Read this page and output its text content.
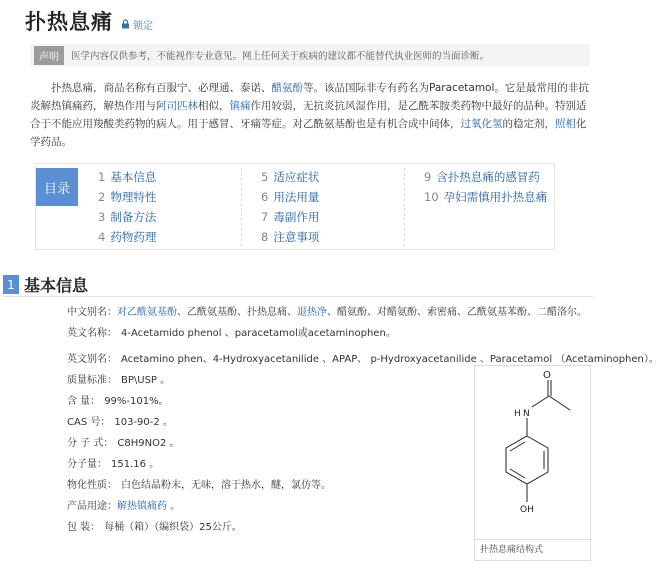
扑热息痛 锁定
声明	医学内容仅供参考，不能视作专业意见。网上任何关于疾病的建议都不能替代执业医师的当面诊断。

扑热息痛，商品名称有百服宁、必理通、泰诺、醋氨酚等。该品国际非专有药名为Paracetamol。它是最常用的非抗炎解热镇痛药，解热作用与阿司匹林相似，镇痛作用较弱，无抗炎抗风湿作用，是乙酰苯胺类药物中最好的品种。特别适合于不能应用羧酸类药物的病人。用于感冒、牙痛等症。对乙酰氨基酚也是有机合成中间体，过氧化氢的稳定剂，照相化学药品。

目录
1 基本信息
2 物理特性
3 制备方法
4 药物药理
5 适应症状
6 用法用量
7 毒副作用
8 注意事项
9 含扑热息痛的感冒药
10 孕妇需慎用扑热息痛
1 基本信息
中文别名：对乙酰氨基酚、乙酰氨基酚、扑热息痛、退热净、醋氨酚、对醋氨酚、索密痛、乙酰氨基苯酚、二醋洛尔。
英文名称： 4-Acetamido phenol 、paracetamol或acetaminophen。
英文别名： Acetamino phen、4-Hydroxyacetanilide 、APAP、 p-Hydroxyacetanilide 、Paracetamol （Acetaminophen）。
质量标准： BP\USP 。
含 量： 99%-101%。
CAS 号： 103-90-2 。
分 子 式： C8H9NO2 。
分子量： 151.16 。
物化性质： 白色结晶粉末，无味，溶于热水，醚，氯仿等。
产品用途：解热镇痛药 。
包 装： 每桶（箱）（编织袋）25公斤。
O
H N
OH
扑热息痛结构式
